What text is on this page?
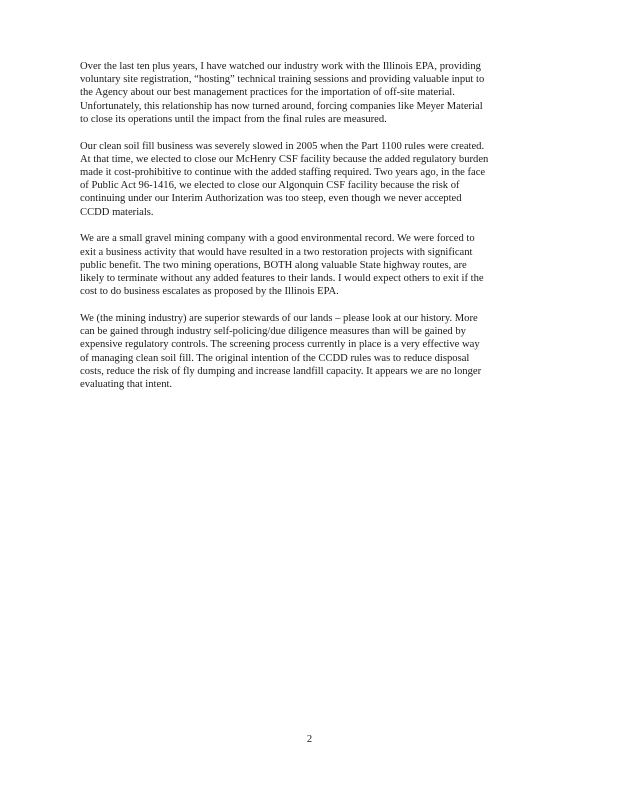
Over the last ten plus years, I have watched our industry work with the Illinois EPA, providing
voluntary site registration, “hosting” technical training sessions and providing valuable input to
the Agency about our best management practices for the importation of off-site material.
Unfortunately, this relationship has now turned around, forcing companies like Meyer Material
to close its operations until the impact from the final rules are measured.

Our clean soil fill business was severely slowed in 2005 when the Part 1100 rules were created.
At that time, we elected to close our McHenry CSF facility because the added regulatory burden
made it cost-prohibitive to continue with the added staffing required. Two years ago, in the face
of Public Act 96-1416, we elected to close our Algonquin CSF facility because the risk of
continuing under our Interim Authorization was too steep, even though we never accepted
CCDD materials.

We are a small gravel mining company with a good environmental record. We were forced to
exit a business activity that would have resulted in a two restoration projects with significant
public benefit. The two mining operations, BOTH along valuable State highway routes, are
likely to terminate without any added features to their lands. I would expect others to exit if the
cost to do business escalates as proposed by the Illinois EPA.

We (the mining industry) are superior stewards of our lands – please look at our history. More
can be gained through industry self-policing/due diligence measures than will be gained by
expensive regulatory controls. The screening process currently in place is a very effective way
of managing clean soil fill. The original intention of the CCDD rules was to reduce disposal
costs, reduce the risk of fly dumping and increase landfill capacity. It appears we are no longer
evaluating that intent.

2
